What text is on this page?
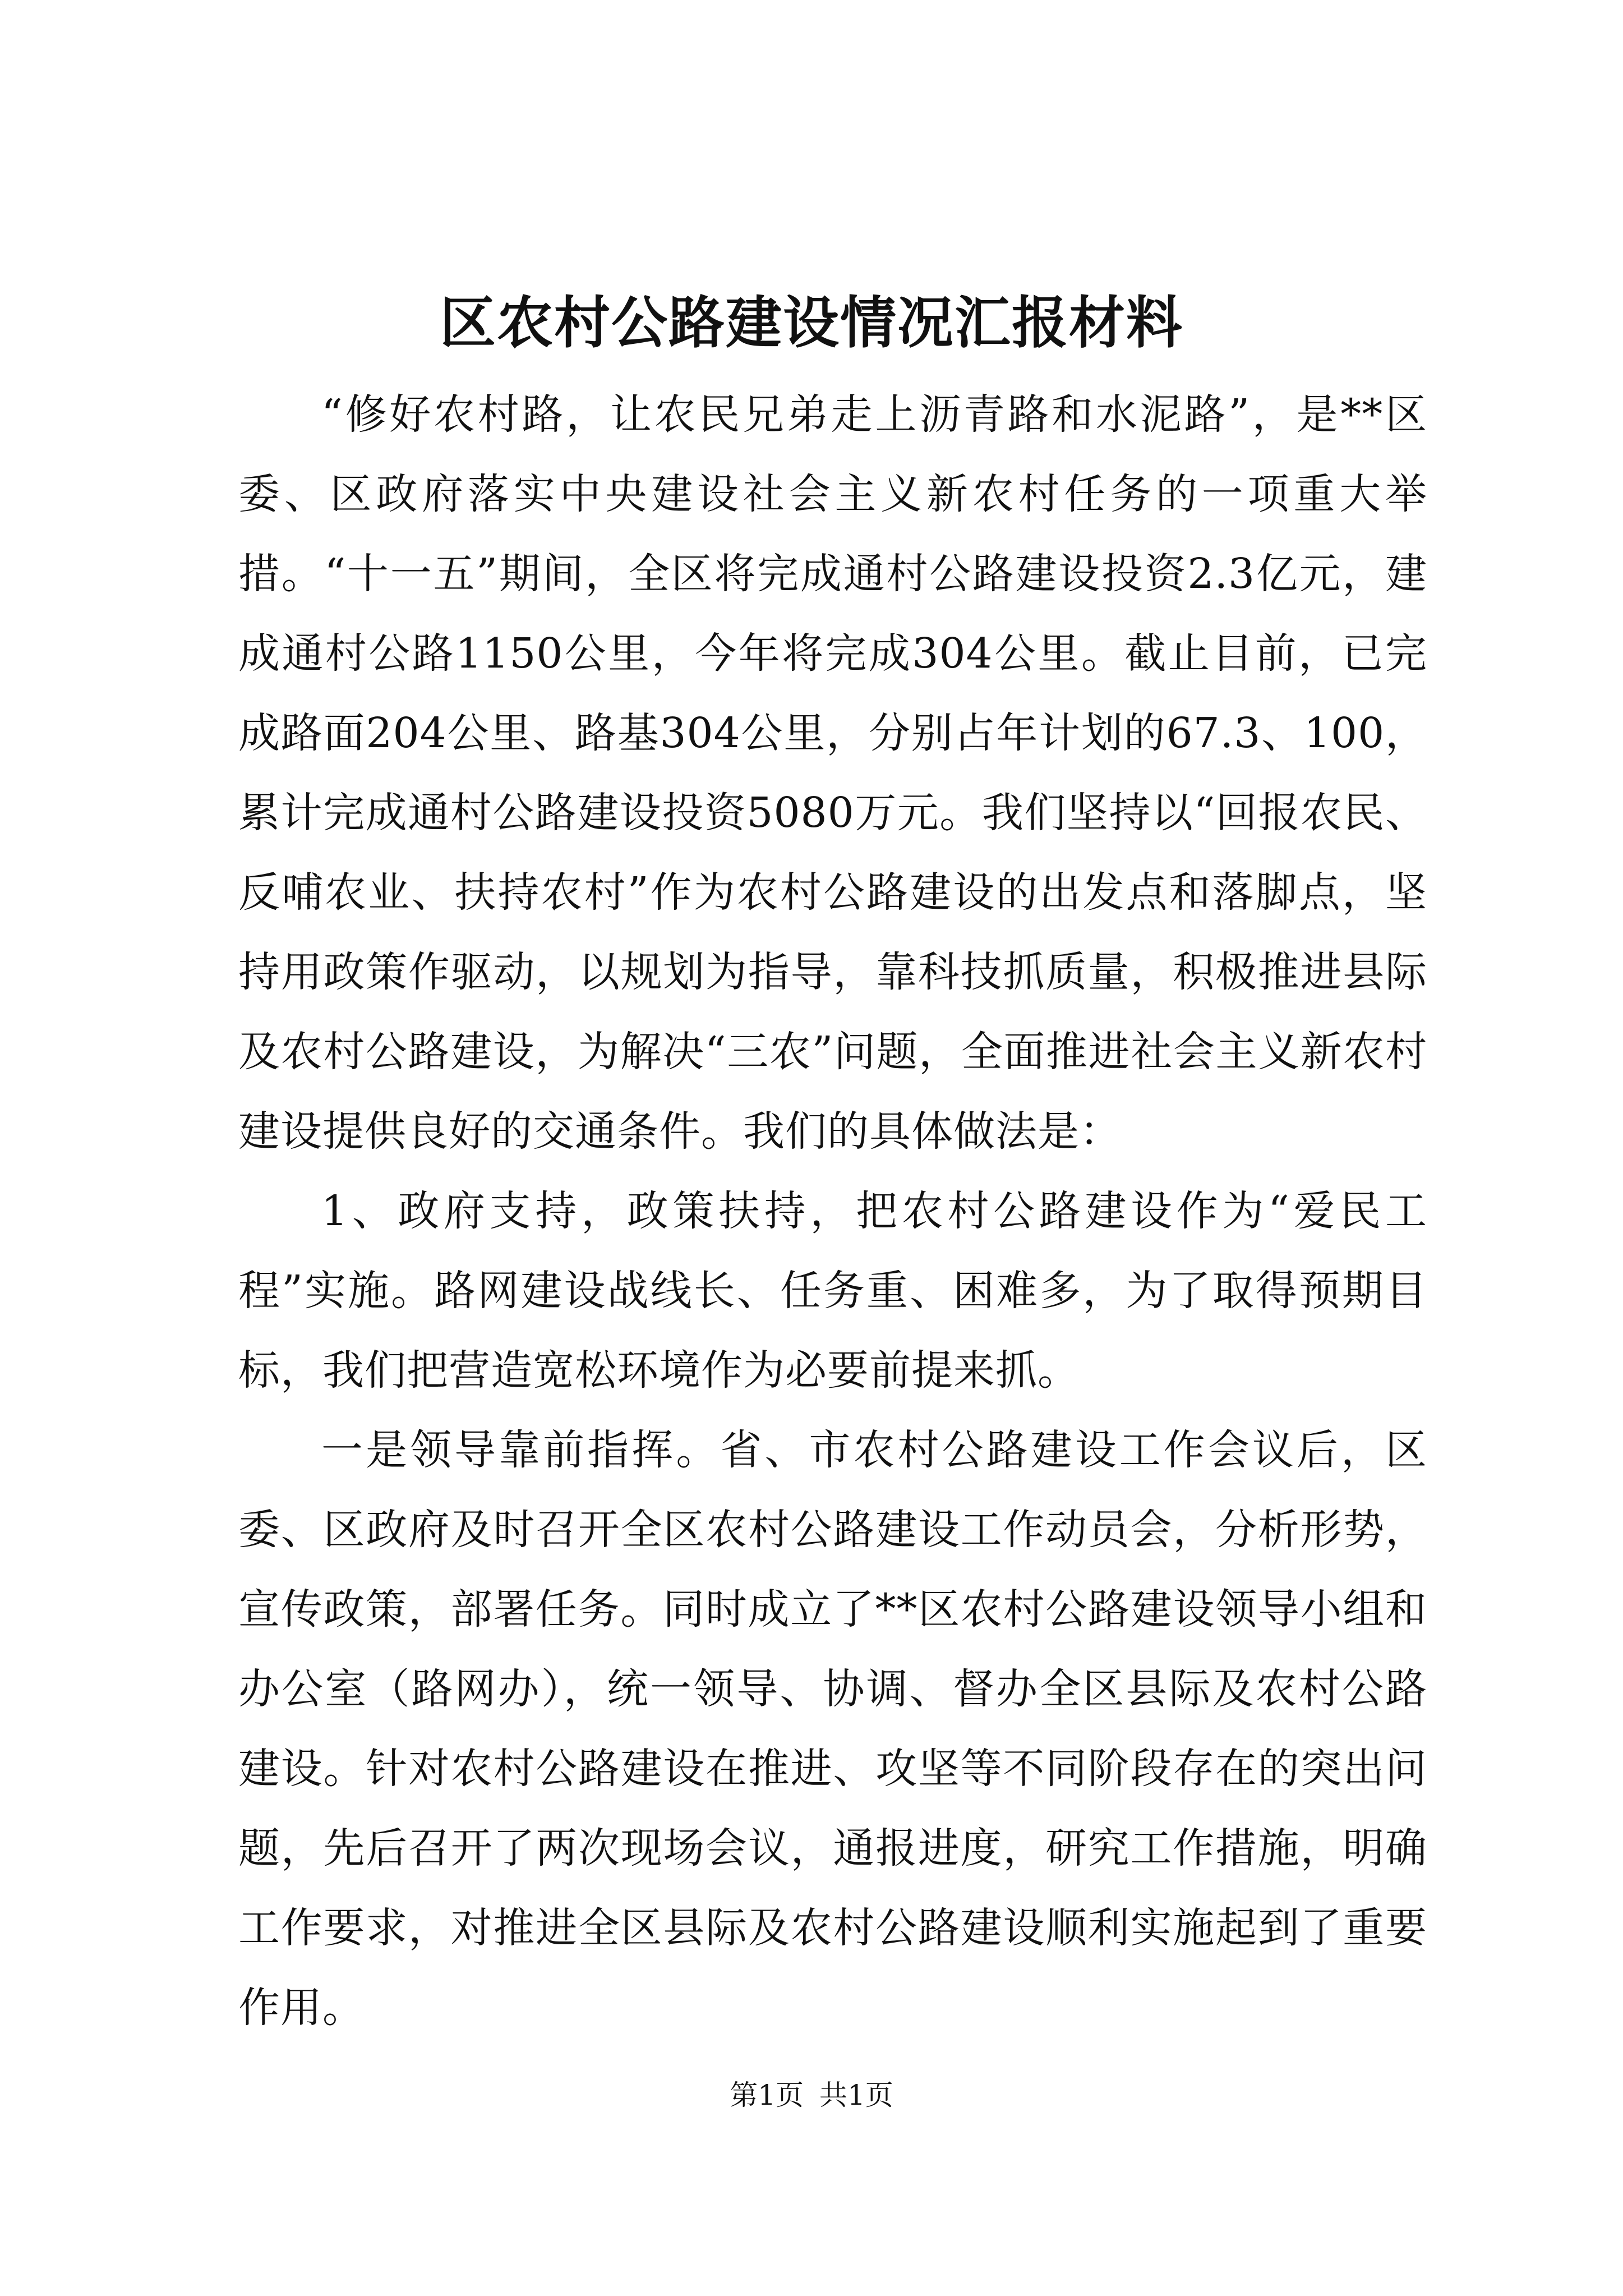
区农村公路建设情况汇报材料

“修好农村路，让农民兄弟走上沥青路和水泥路”，是**区委、区政府落实中央建设社会主义新农村任务的一项重大举措。“十一五”期间，全区将完成通村公路建设投资2.3亿元，建成通村公路1150公里，今年将完成304公里。截止目前，已完成路面204公里、路基304公里，分别占年计划的67.3、100，累计完成通村公路建设投资5080万元。我们坚持以“回报农民、反哺农业、扶持农村”作为农村公路建设的出发点和落脚点，坚持用政策作驱动，以规划为指导，靠科技抓质量，积极推进县际及农村公路建设，为解决“三农”问题，全面推进社会主义新农村建设提供良好的交通条件。我们的具体做法是：

1、政府支持，政策扶持，把农村公路建设作为“爱民工程”实施。路网建设战线长、任务重、困难多，为了取得预期目标，我们把营造宽松环境作为必要前提来抓。

一是领导靠前指挥。省、市农村公路建设工作会议后，区委、区政府及时召开全区农村公路建设工作动员会，分析形势，宣传政策，部署任务。同时成立了**区农村公路建设领导小组和办公室（路网办），统一领导、协调、督办全区县际及农村公路建设。针对农村公路建设在推进、攻坚等不同阶段存在的突出问题，先后召开了两次现场会议，通报进度，研究工作措施，明确工作要求，对推进全区县际及农村公路建设顺利实施起到了重要作用。

第1页 共1页
